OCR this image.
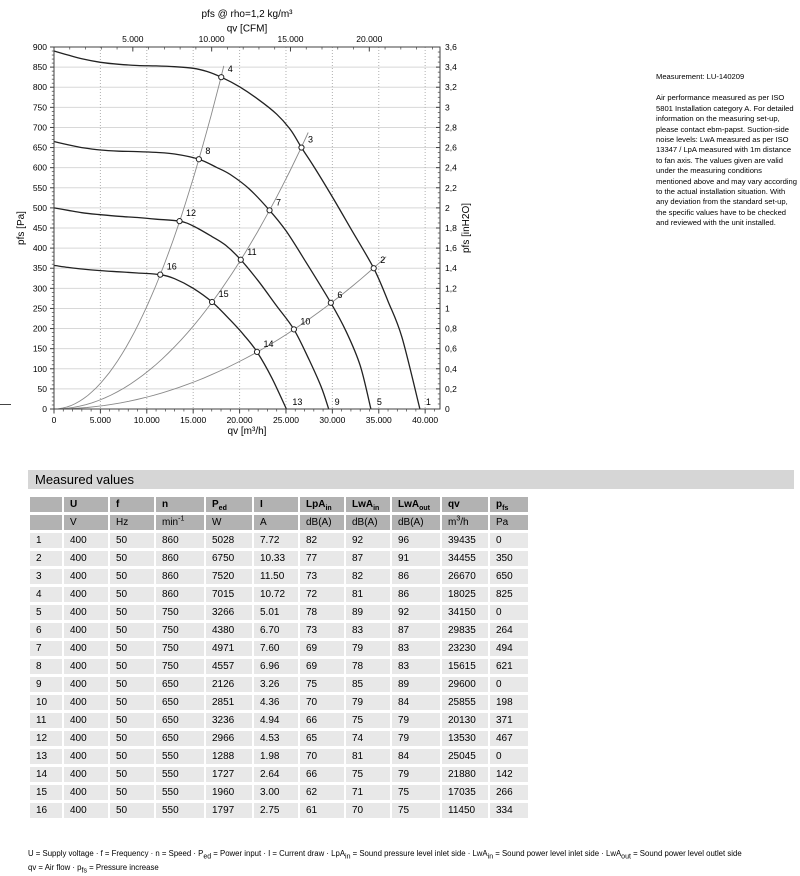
0	5.000	10.000 15.000 20.000 25.000 30.000 35.000 40.000
0
50
100
150
200
250
300
350
400
450
500
550
600
650
700
750
800
850
900
0
0,2
0,4
0,6
0,8
1
1,2
1,4
1,6
1,8
2
2,2
2,4
2,6
2,8
3
3,2
3,4
3,6
5.000	10.000	15.000	20.000
pfs @ rho=1,2 kg/m³
qv [CFM]
qv [m³/h]
pfs [Pa]	pfs [inH2O]
1
2
3
4
5
6
7
8
9
10
11
12
13
14
15
16
Measurement: LU-140209
Air performance measured as per ISO 5801 Installation category A. For detailed information on the measuring set-up, please contact ebm-papst. Suction-side noise levels: LwA measured as per ISO 13347 / LpA measured with 1m distance to fan axis. The values given are valid under the measuring conditions mentioned above and may vary according to the actual installation situation. With any deviation from the standard set-up, the specific values have to be checked and reviewed with the unit installed.
Measured values
	U	f	n	$P_{ed}$	I	LpA$_{in}$	LwA$_{in}$	LwA$_{out}$	qv	$p_{fs}$
	V	Hz	$\min^{-1}$	W	A	dB(A)	dB(A)	dB(A)	$m^3/h$	Pa
1	400	50	860	5028	7.72	82	92	96	39435	0
2	400	50	860	6750	10.33	77	87	91	34455	350
3	400	50	860	7520	11.50	73	82	86	26670	650
4	400	50	860	7015	10.72	72	81	86	18025	825
5	400	50	750	3266	5.01	78	89	92	34150	0
6	400	50	750	4380	6.70	73	83	87	29835	264
7	400	50	750	4971	7.60	69	79	83	23230	494
8	400	50	750	4557	6.96	69	78	83	15615	621
9	400	50	650	2126	3.26	75	85	89	29600	0
10	400	50	650	2851	4.36	70	79	84	25855	198
11	400	50	650	3236	4.94	66	75	79	20130	371
12	400	50	650	2966	4.53	65	74	79	13530	467
13	400	50	550	1288	1.98	70	81	84	25045	0
14	400	50	550	1727	2.64	66	75	79	21880	142
15	400	50	550	1960	3.00	62	71	75	17035	266
16	400	50	550	1797	2.75	61	70	75	11450	334
U = Supply voltage · f = Frequency · n = Speed · $P_{ed}$ = Power input · I = Current draw · LpA$_{in}$ = Sound pressure level inlet side · LwA$_{in}$ = Sound power level inlet side · LwA$_{out}$ = Sound power level outlet side
qv = Air flow · $p_{fs}$ = Pressure increase
